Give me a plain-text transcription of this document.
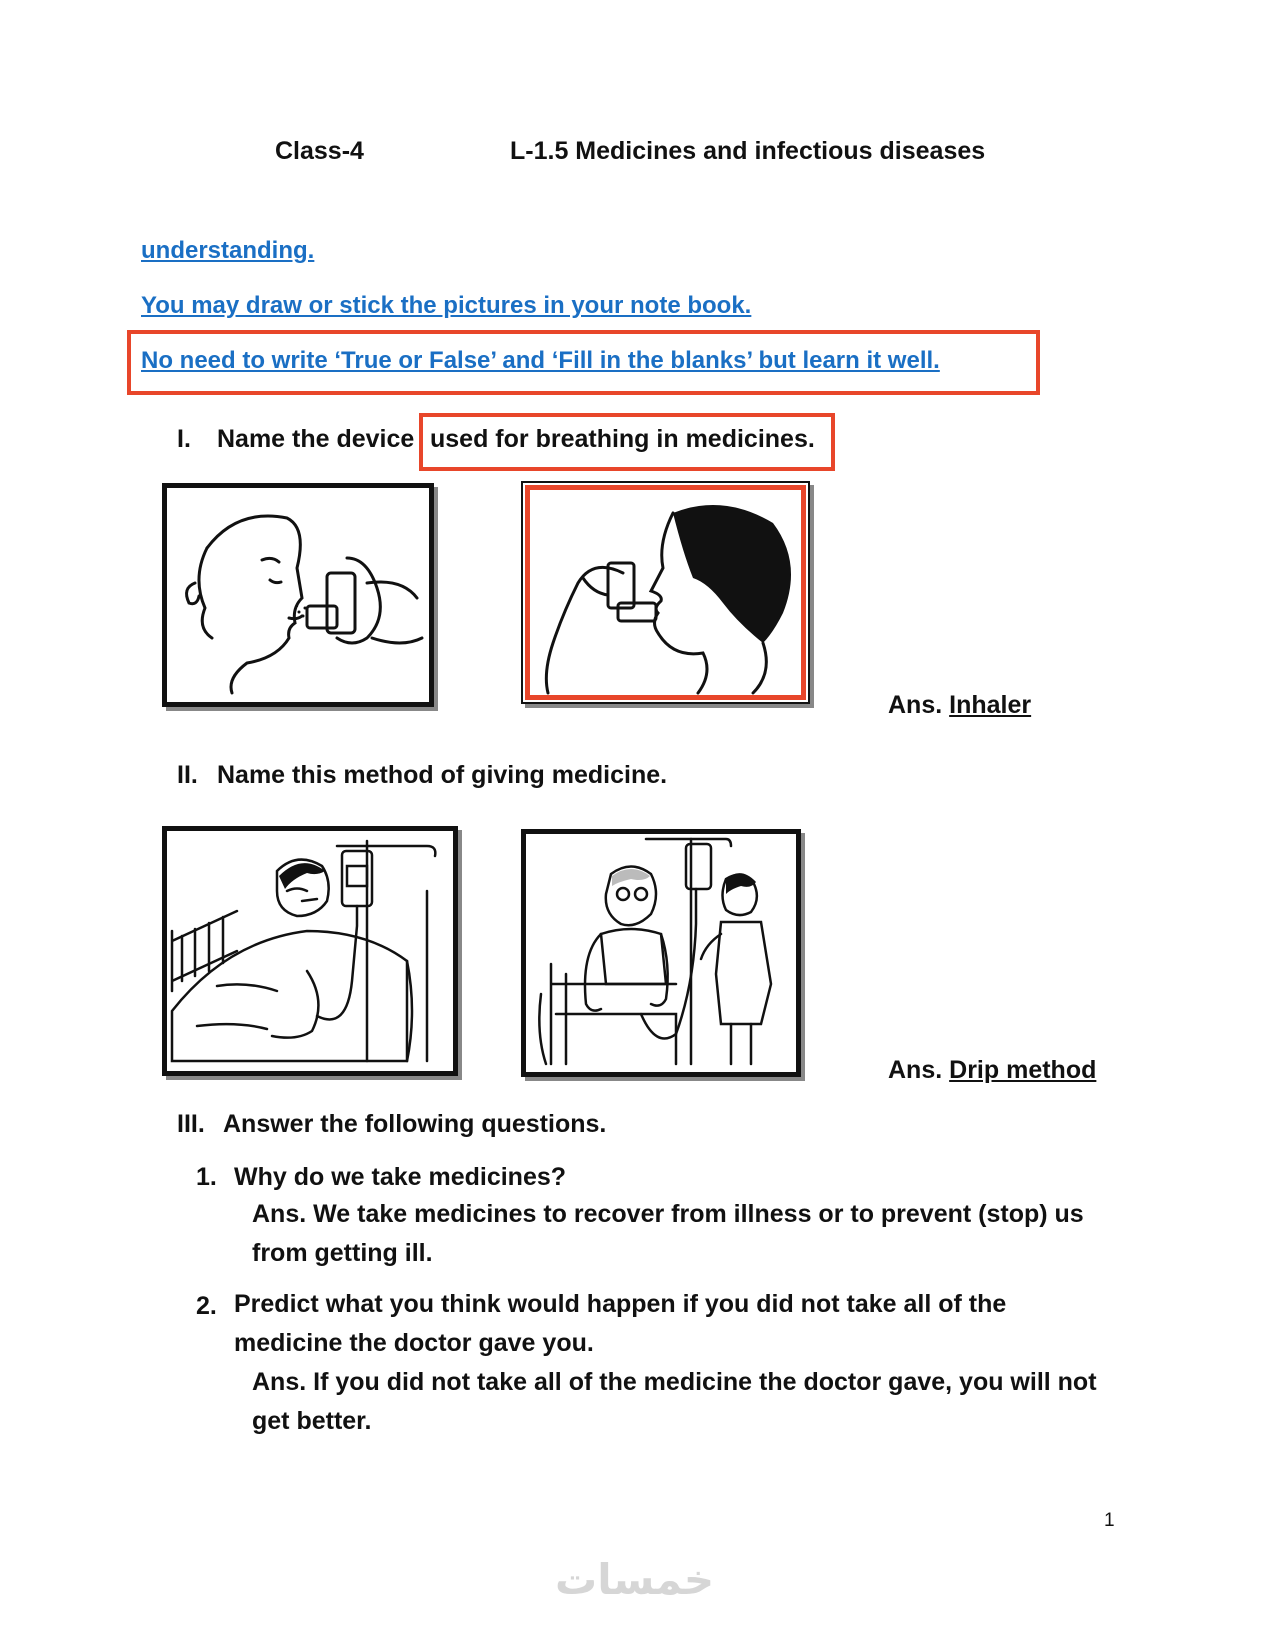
Class-4	L-1.5 Medicines and infectious diseases
understanding.
You may draw or stick the pictures in your note book.
No need to write ‘True or False’ and ‘Fill in the blanks’ but learn it well.
I. Name the device used for breathing in medicines.
Ans. Inhaler
II. Name this method of giving medicine.
Ans. Drip method
III. Answer the following questions.
1. Why do we take medicines?
Ans. We take medicines to recover from illness or to prevent (stop) us from getting ill.
2. Predict what you think would happen if you did not take all of the medicine the doctor gave you.
Ans. If you did not take all of the medicine the doctor gave, you will not get better.
1
خمسات
